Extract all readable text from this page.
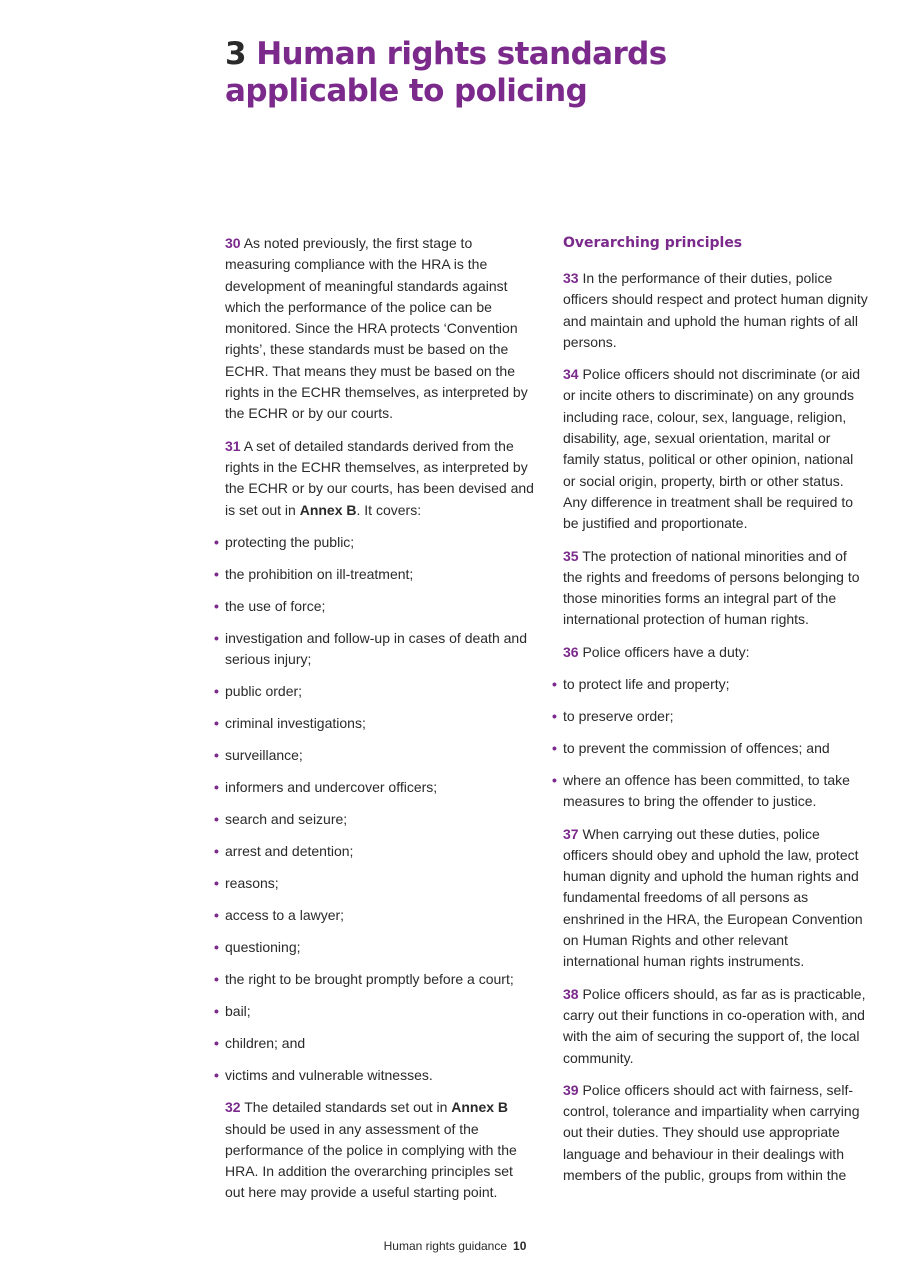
3 Human rights standards
applicable to policing

30 As noted previously, the first stage to measuring compliance with the HRA is the development of meaningful standards against which the performance of the police can be monitored. Since the HRA protects ‘Convention rights’, these standards must be based on the ECHR. That means they must be based on the rights in the ECHR themselves, as interpreted by the ECHR or by our courts.

31 A set of detailed standards derived from the rights in the ECHR themselves, as interpreted by the ECHR or by our courts, has been devised and is set out in Annex B. It covers:

• protecting the public;
• the prohibition on ill-treatment;
• the use of force;
• investigation and follow-up in cases of death and serious injury;
• public order;
• criminal investigations;
• surveillance;
• informers and undercover officers;
• search and seizure;
• arrest and detention;
• reasons;
• access to a lawyer;
• questioning;
• the right to be brought promptly before a court;
• bail;
• children; and
• victims and vulnerable witnesses.

32 The detailed standards set out in Annex B should be used in any assessment of the performance of the police in complying with the HRA. In addition the overarching principles set out here may provide a useful starting point.

Overarching principles

33 In the performance of their duties, police officers should respect and protect human dignity and maintain and uphold the human rights of all persons.

34 Police officers should not discriminate (or aid or incite others to discriminate) on any grounds including race, colour, sex, language, religion, disability, age, sexual orientation, marital or family status, political or other opinion, national or social origin, property, birth or other status. Any difference in treatment shall be required to be justified and proportionate.

35 The protection of national minorities and of the rights and freedoms of persons belonging to those minorities forms an integral part of the international protection of human rights.

36 Police officers have a duty:

• to protect life and property;
• to preserve order;
• to prevent the commission of offences; and
• where an offence has been committed, to take measures to bring the offender to justice.

37 When carrying out these duties, police officers should obey and uphold the law, protect human dignity and uphold the human rights and fundamental freedoms of all persons as enshrined in the HRA, the European Convention on Human Rights and other relevant international human rights instruments.

38 Police officers should, as far as is practicable, carry out their functions in co-operation with, and with the aim of securing the support of, the local community.

39 Police officers should act with fairness, self-control, tolerance and impartiality when carrying out their duties. They should use appropriate language and behaviour in their dealings with members of the public, groups from within the

Human rights guidance 10
